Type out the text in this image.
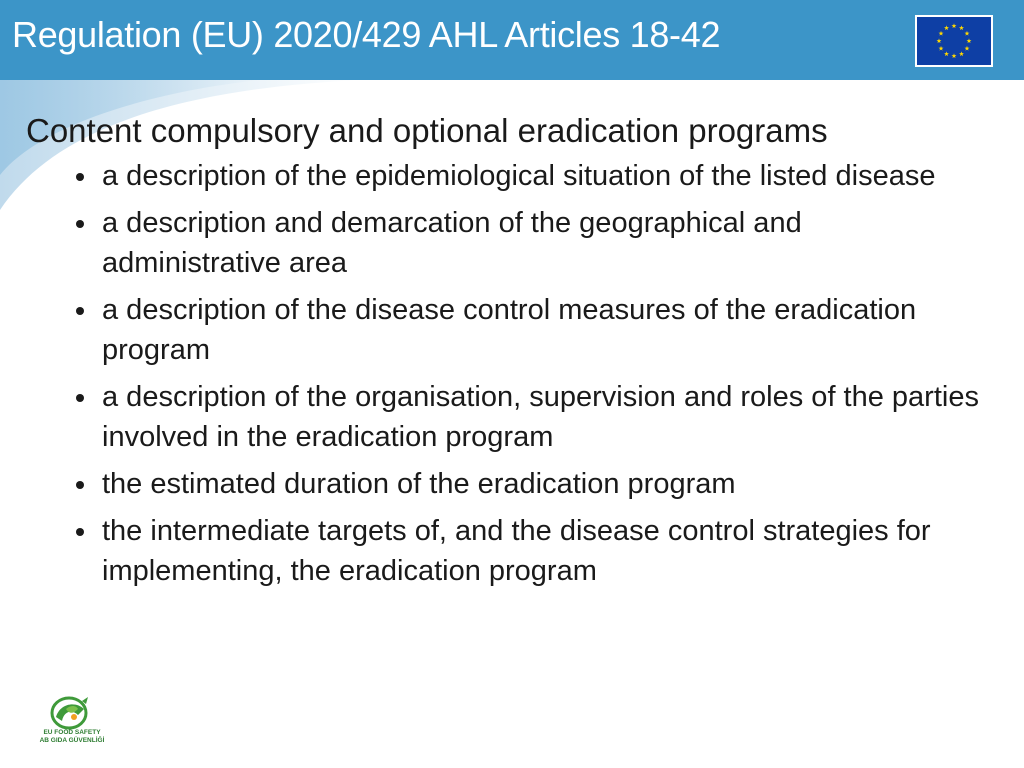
Regulation (EU) 2020/429 AHL Articles 18-42
Content compulsory and optional eradication programs
a description of the epidemiological situation of the listed disease
a description and demarcation of the geographical and administrative area
a description of the disease control measures of the eradication program
a description of the organisation, supervision and roles of the parties involved in the eradication program
the estimated duration of the eradication program
the intermediate targets of, and the disease control strategies for implementing, the eradication program
EU FOOD SAFETY
AB GIDA GÜVENLİĞİ
